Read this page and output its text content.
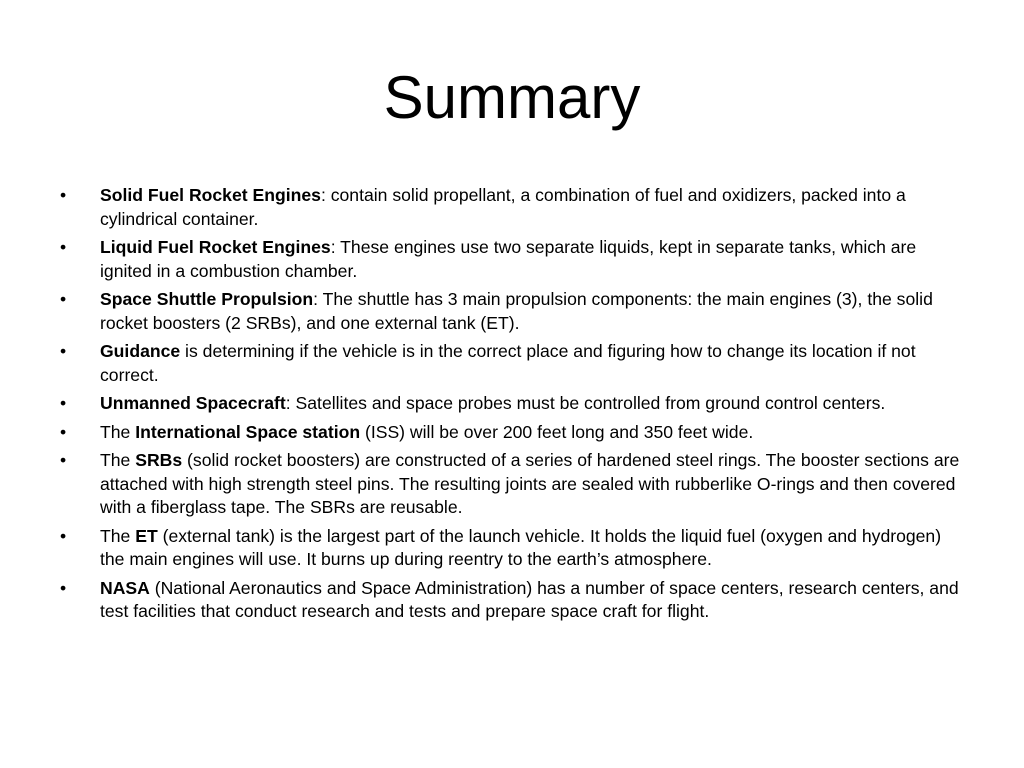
Summary
• Solid Fuel Rocket Engines: contain solid propellant, a combination of fuel and oxidizers, packed into a cylindrical container.
• Liquid Fuel Rocket Engines: These engines use two separate liquids, kept in separate tanks, which are ignited in a combustion chamber.
• Space Shuttle Propulsion: The shuttle has 3 main propulsion components: the main engines (3), the solid rocket boosters (2 SRBs), and one external tank (ET).
• Guidance is determining if the vehicle is in the correct place and figuring how to change its location if not correct.
• Unmanned Spacecraft: Satellites and space probes must be controlled from ground control centers.
• The International Space station (ISS) will be over 200 feet long and 350 feet wide.
• The SRBs (solid rocket boosters) are constructed of a series of hardened steel rings. The booster sections are attached with high strength steel pins. The resulting joints are sealed with rubberlike O-rings and then covered with a fiberglass tape. The SBRs are reusable.
• The ET (external tank) is the largest part of the launch vehicle. It holds the liquid fuel (oxygen and hydrogen) the main engines will use. It burns up during reentry to the earth’s atmosphere.
• NASA (National Aeronautics and Space Administration) has a number of space centers, research centers, and test facilities that conduct research and tests and prepare space craft for flight.
